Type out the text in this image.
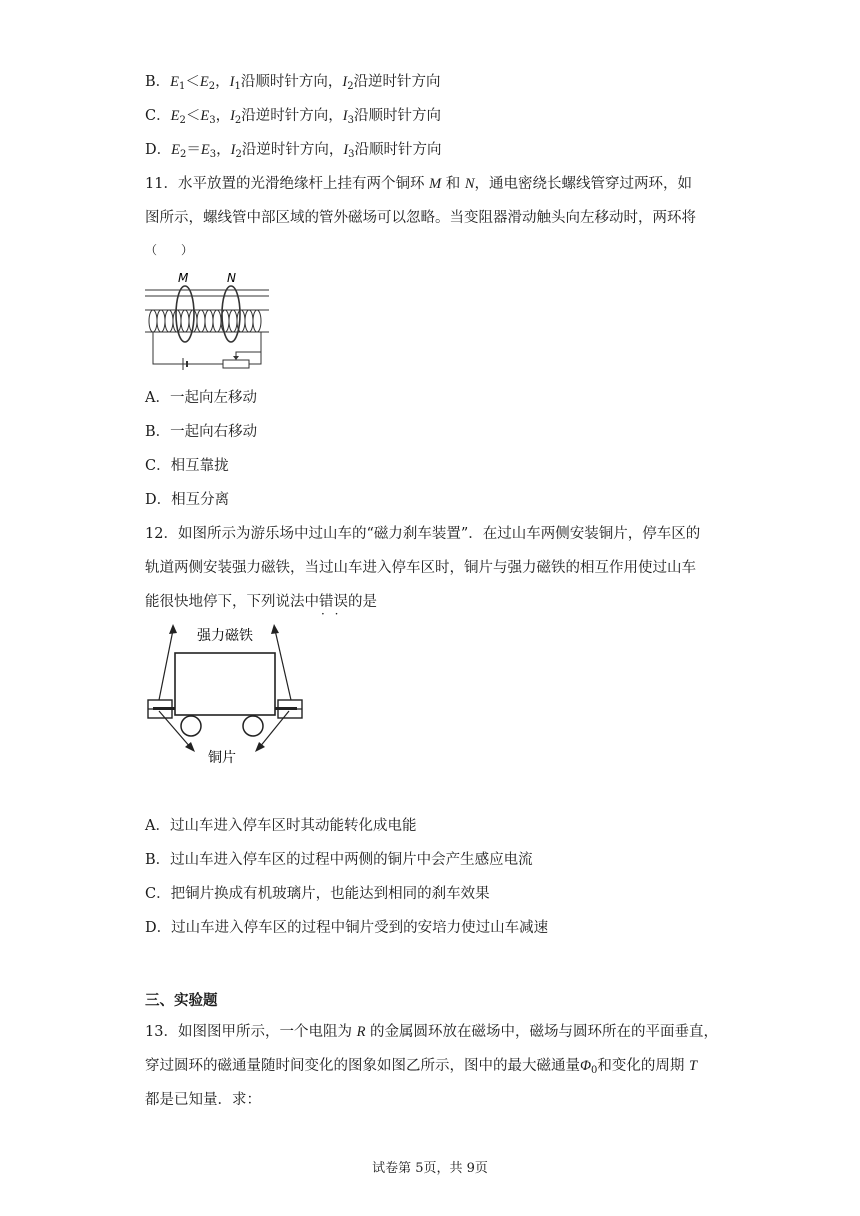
B．$E_1<E_2$，$I_1$沿顺时针方向，$I_2$沿逆时针方向
C．$E_2<E_3$，$I_2$沿逆时针方向，$I_3$沿顺时针方向
D．$E_2=E_3$，$I_2$沿逆时针方向，$I_3$沿顺时针方向
11．水平放置的光滑绝缘杆上挂有两个铜环 M 和 N，通电密绕长螺线管穿过两环，如
图所示，螺线管中部区域的管外磁场可以忽略。当变阻器滑动触头向左移动时，两环将
（　　）
M	N
A．一起向左移动
B．一起向右移动
C．相互靠拢
D．相互分离
12．如图所示为游乐场中过山车的“磁力刹车装置”．在过山车两侧安装铜片，停车区的
轨道两侧安装强力磁铁，当过山车进入停车区时，铜片与强力磁铁的相互作用使过山车
能很快地停下，下列说法中错误 · ·的是
强力磁铁
铜片
A．过山车进入停车区时其动能转化成电能
B．过山车进入停车区的过程中两侧的铜片中会产生感应电流
C．把铜片换成有机玻璃片，也能达到相同的刹车效果
D．过山车进入停车区的过程中铜片受到的安培力使过山车减速
三、实验题
13．如图图甲所示，一个电阻为 R 的金属圆环放在磁场中，磁场与圆环所在的平面垂直，
穿过圆环的磁通量随时间变化的图象如图乙所示，图中的最大磁通量$\Phi_0$和变化的周期 T
都是已知量．求：
试卷第 5页，共 9页
